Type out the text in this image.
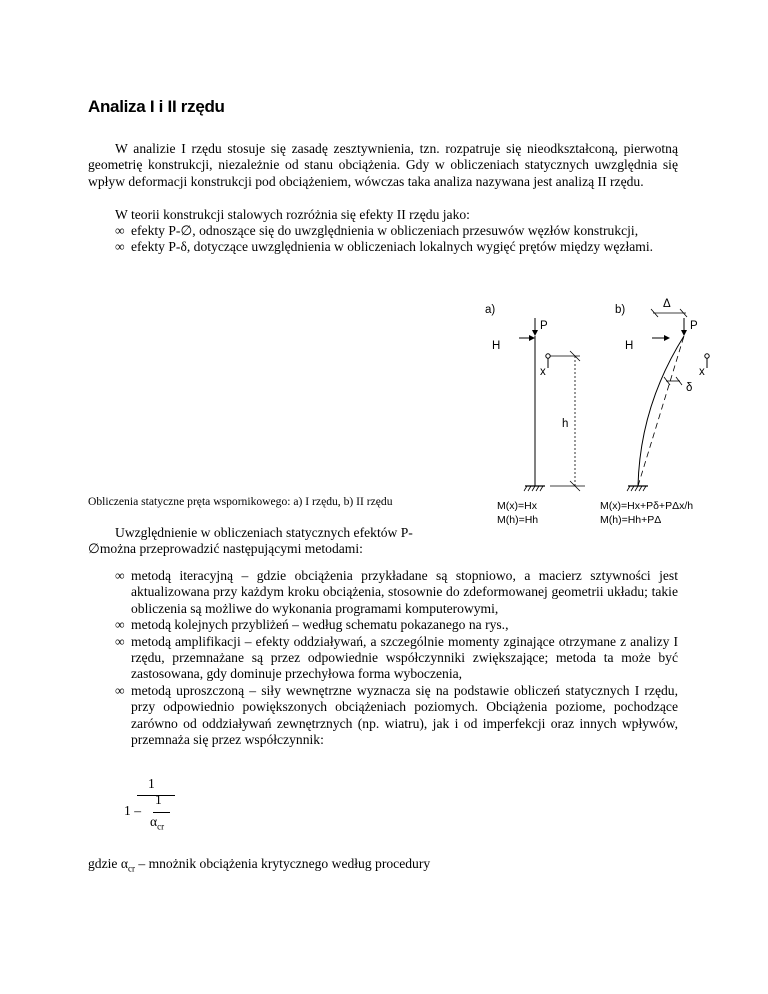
Analiza I i II rzędu

W analizie I rzędu stosuje się zasadę zesztywnienia, tzn. rozpatruje się nieodkształconą, pierwotną geometrię konstrukcji, niezależnie od stanu obciążenia. Gdy w obliczeniach statycznych uwzględnia się wpływ deformacji konstrukcji pod obciążeniem, wówczas taka analiza nazywana jest analizą II rzędu.

W teorii konstrukcji stalowych rozróżnia się efekty II rzędu jako:

∞ efekty P-∅, odnoszące się do uwzględnienia w obliczeniach przesuwów węzłów konstrukcji,
∞ efekty P-δ, dotyczące uwzględnienia w obliczeniach lokalnych wygięć prętów między węzłami.
a)	b)
P
H
x
h
Δ
P
H
x
δ
M(x)=Hx
M(h)=Hh
M(x)=Hx+Pδ+PΔx/h
M(h)=Hh+PΔ

Obliczenia statyczne pręta wspornikowego: a) I rzędu, b) II rzędu

Uwzględnienie w obliczeniach statycznych efektów P-

∅można przeprowadzić następującymi metodami:

∞ metodą iteracyjną – gdzie obciążenia przykładane są stopniowo, a macierz sztywności jest aktualizowana przy każdym kroku obciążenia, stosownie do zdeformowanej geometrii układu; takie obliczenia są możliwe do wykonania programami komputerowymi,
∞ metodą kolejnych przybliżeń – według schematu pokazanego na rys.,
∞ metodą amplifikacji – efekty oddziaływań, a szczególnie momenty zginające otrzymane z analizy I rzędu, przemnażane są przez odpowiednie współczynniki zwiększające; metoda ta może być zastosowana, gdy dominuje przechyłowa forma wyboczenia,
∞ metodą uproszczoną – siły wewnętrzne wyznacza się na podstawie obliczeń statycznych I rzędu, przy odpowiednio powiększonych obciążeniach poziomych. Obciążenia poziome, pochodzące zarówno od oddziaływań zewnętrznych (np. wiatru), jak i od imperfekcji oraz innych wpływów, przemnaża się przez współczynnik:
1
1 –
1
$\alpha_{cr}$

gdzie $\alpha_{cr}$ – mnożnik obciążenia krytycznego według procedury
